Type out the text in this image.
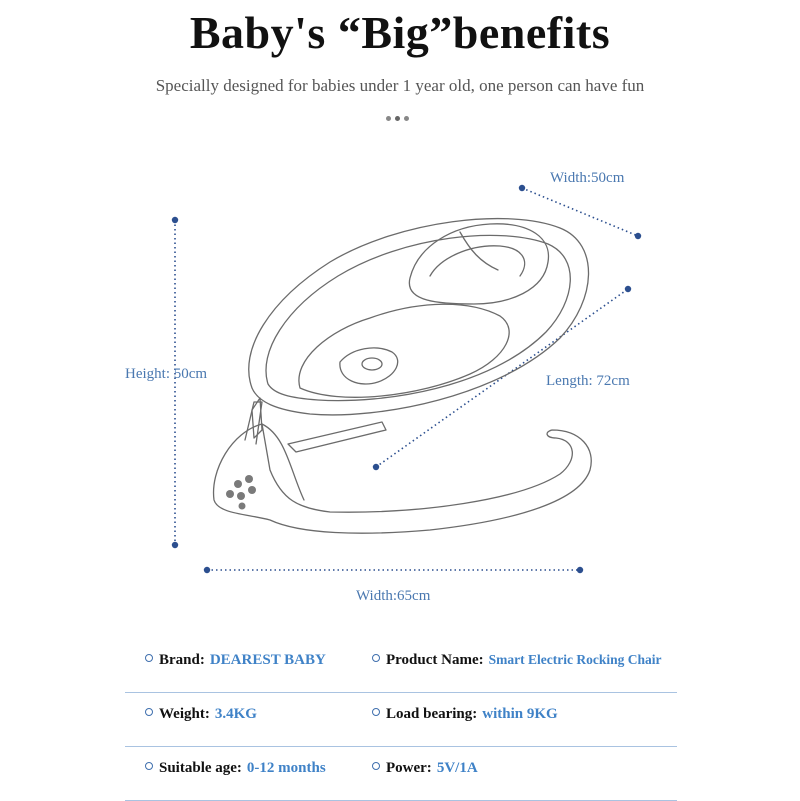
Baby's “Big”benefits
Specially designed for babies under 1 year old, one person can have fun
Width:50cm
Height: 50cm	Length: 72cm
Width:65cm
Brand: DEAREST BABY	Product Name: Smart Electric Rocking Chair
Weight: 3.4KG	Load bearing: within 9KG
Suitable age: 0-12 months	Power: 5V/1A
